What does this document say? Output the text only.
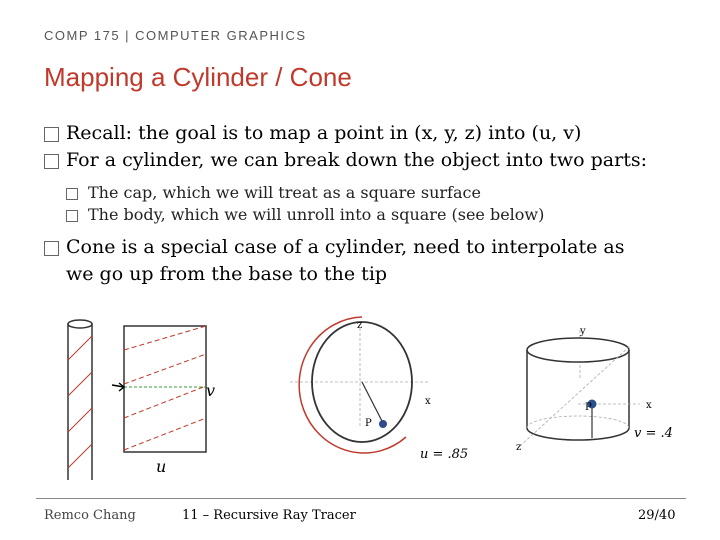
COMP 175 | COMPUTER GRAPHICS
Mapping a Cylinder / Cone
Recall: the goal is to map a point in (x, y, z) into (u, v)
For a cylinder, we can break down the object into two parts:
The cap, which we will treat as a square surface
The body, which we will unroll into a square (see below)
Cone is a special case of a cylinder, need to interpolate as
we go up from the base to the tip
v
u
z
x
P
u = .85
y
x
z
P
v = .4
Remco Chang	11 – Recursive Ray Tracer	29/40
